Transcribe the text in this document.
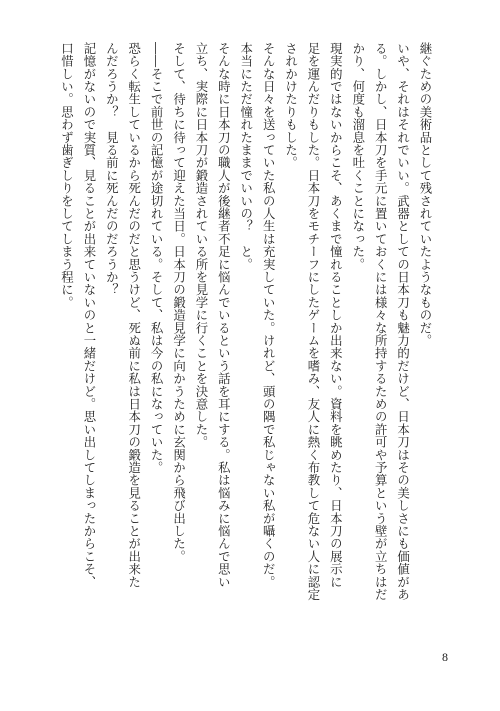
継ぐための美術品として残されていたようなものだ。
いや、それはそれでいい。武器としての日本刀も魅力的だけど、日本刀はその美しさにも価値があ
る。しかし、日本刀を手元に置いておくには様々な所持するための許可や予算という壁が立ちはだ
かり、何度も溜息を吐くことになった。
現実的ではないからこそ、あくまで憧れることしか出来ない。資料を眺めたり、日本刀の展示に
足を運んだりもした。日本刀をモチーフにしたゲームを嗜み、友人に熱く布教して危ない人に認定
されかけたりもした。
そんな日々を送っていた私の人生は充実していた。けれど、頭の隅で私じゃない私が囁くのだ。
本当にただ憧れたままでいいの？　と。
そんな時に日本刀の職人が後継者不足に悩んでいるという話を耳にする。私は悩みに悩んで思い
立ち、実際に日本刀が鍛造されている所を見学に行くことを決意した。
そして、待ちに待って迎えた当日。日本刀の鍛造見学に向かうために玄関から飛び出した。
――そこで前世の記憶が途切れている。そして、私は今の私になっていた。
恐らく転生しているから死んだのだと思うけど、死ぬ前に私は日本刀の鍛造を見ることが出来た
んだろうか？　見る前に死んだのだろうか？
記憶がないので実質、見ることが出来ていないのと一緒だけど。思い出してしまったからこそ、
口惜しい。思わず歯ぎしりをしてしまう程に。
8
